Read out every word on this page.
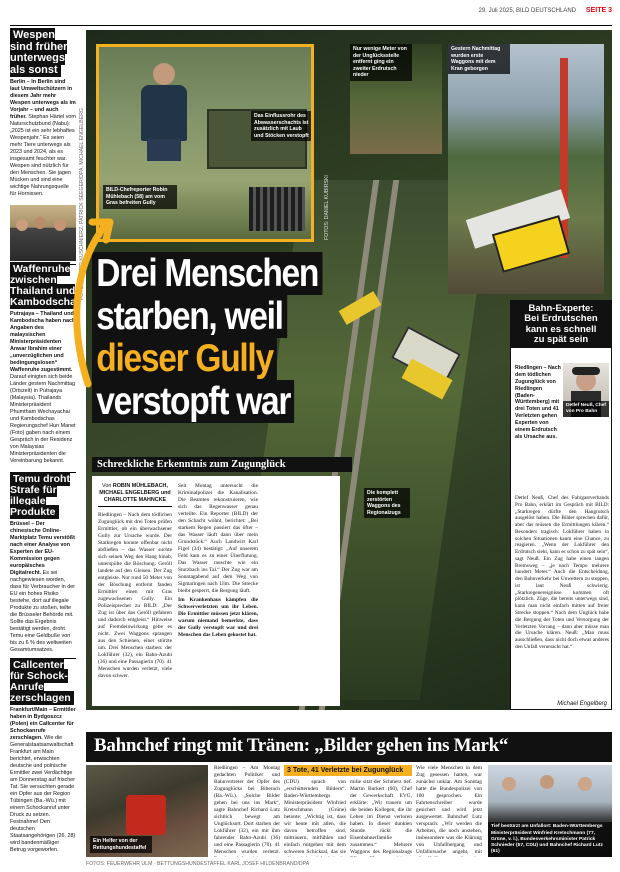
29. Juli 2025, BILD DEUTSCHLAND SEITE 3
Wespen sind früher unterwegs als sonst
Berlin – In Berlin sind laut Umweltschützern in diesem Jahr mehr Wespen unterwegs als im Vorjahr – und auch früher. Stephan Härtel vom Naturschutzbund (Nabu): „2025 ist ein sehr lebhaftes Wespenjahr.“ Es seien mehr Tiere unterwegs als 2023 und 2024, als es insgesamt feuchter war. Wespen sind nützlich für den Menschen. Sie jagen Mücken und sind eine wichtige Nahrungsquelle für Hornissen.
Waffenruhe zwischen Thailand und Kambodscha
Putrajaya – Thailand und Kambodscha haben nach Angaben des malaysischen Ministerpräsidenten Anwar Ibrahim einer „unverzüglichen und bedingungslosen“ Waffenruhe zugestimmt. Darauf einigten sich beide Länder gestern Nachmittag (Ortszeit) in Putrajaya (Malaysia). Thailands Ministerpräsident Phumtham Wechayachai und Kambodschas Regierungschef Hun Manet (Foto) gaben nach einem Gespräch in der Residenz von Malaysias Ministerpräsidenten die Vereinbarung bekannt.
Temu droht Strafe für illegale Produkte
Brüssel – Der chinesische Online-Marktplatz Temu verstößt nach einer Analyse von Experten der EU-Kommission gegen europäisches Digitalrecht. Es sei nachgewiesen worden, dass für Verbraucher in der EU ein hohes Risiko bestehe, dort auf illegale Produkte zu stoßen, teilte die Brüsseler Behörde mit. Sollte das Ergebnis bestätigt werden, droht Temu eine Geldbuße von bis zu 6 % des weltweiten Gesamtumsatzes.
Callcenter für Schock-Anrufe zerschlagen
Frankfurt/Main – Ermittler haben in Bydgoszcz (Polen) ein Callcenter für Schockanrufe zerschlagen. Wie die Generalstaatsanwaltschaft Frankfurt am Main berichtet, erwischten deutsche und polnische Ermittler zwei Verdächtige am Donnerstag auf frischer Tat. Sie versuchten gerade ein Opfer aus der Region Tübingen (Ba.-Wü.) mit einem Schockanruf unter Druck zu setzen. Festnahme! Den deutschen Staatsangehörigen (26, 28) wird bandenmäßiger Betrug vorgeworfen.
FOTOS: PETER KUSCHNIERZ, PATRICK SEEGER/DPA, MICHAEL ENGELBERG	BILD-Chefreporter Robin Mühlebach (58) am vom Gras befreiten Gully
Das Einflussrohr des Abwasserschachts ist zusätzlich mit Laub und Stöcken verstopft
FOTOS: DANIEL KUBIRSKI
Nur wenige Meter von der Unglücksstelle entfernt ging ein zweiter Erdrutsch nieder
Gestern Nachmittag wurden erste Waggons mit dem Kran geborgen
Drei Menschen
starben, weil
dieser Gully
verstopft war
Schreckliche Erkenntnis zum Zugunglück
Von ROBIN MÜHLEBACH, MICHAEL ENGELBERG und CHARLOTTE MAHNCKE
Riedlingen – Nach dem tödlichen Zugunglück mit drei Toten prüfen Ermittler, ob ein überwachsener Gully zur Ursache wurde. Der Starkregen konnte offenbar nicht abfließen – das Wasser suchte sich seinen Weg den Hang hinab, unterspülte die Böschung. Geröll landete auf den Gleisen. Der Zug entgleiste. Nur rund 50 Meter von der Böschung entfernt fanden Ermittler einen mit Gras zugewachsenen Gully. Ein Polizeisprecher zu BILD: „Der Zug ist über das Geröll gefahren und dadurch entgleist.“ Hinweise auf Fremdeinwirkung gebe es nicht. Zwei Waggons sprangen aus den Schienen, einer stürzte um. Drei Menschen starben: der Lokführer (32), ein Bahn-Azubi (36) und eine Passagierin (70). 41 Menschen wurden verletzt, viele davon schwer.
Seit Montag untersucht die Kriminalpolizei die Kanalisation. Die Beamten rekonstruieren, wie sich das Regenwasser genau verteilte. Ein Reporter (BILD) der den Schacht wohnt, berichtet: „Bei starkem Regen passiert das öfter – das Wasser läuft dann über mein Grundstück.“ Auch Landwirt Karl Figel (34) bestätigt: „Auf unserem Feld kam es zu einer Überflutung. Das Wasser rauschte wie ein Sturzbach ins Tal.“ Der Zug war am Sonntagabend auf dem Weg von Sigmaringen nach Ulm. Die Strecke bleibt gesperrt, die Bergung läuft.
Im Krankenhaus kämpfen die Schwerverletzten um ihr Leben. Die Ermittler müssen jetzt klären, warum niemand bemerkte, dass der Gully verstopft war und drei Menschen das Leben gekostet hat.
Die komplett zerstörten Waggons des Regionalzugs
Bahn-Experte:
Bei Erdrutschen
kann es schnell
zu spät sein
Detlef Neuß, Chef von Pro Bahn
Riedlingen – Nach dem tödlichen Zugunglück von Riedlingen (Baden-Württemberg) mit drei Toten und 41 Verletzten gehen Experten von einem Erdrutsch als Ursache aus.
Detlef Neuß, Chef des Fahrgastverbands Pro Bahn, erklärt im Gespräch mit BILD: „Starkregen dürfte den Hangrutsch ausgelöst haben. Die Bilder sprechen dafür, aber das müssen die Ermittlungen klären.“ Besonders tragisch: Lokführer haben in solchen Situationen kaum eine Chance, zu reagieren. „Wenn der Lokführer den Erdrutsch sieht, kann es schon zu spät sein“, sagt Neuß. Ein Zug habe einen langen Bremsweg – „je nach Tempo mehrere hundert Meter.“ Auch die Entscheidung, den Bahnverkehr bei Unwettern zu stoppen, ist laut Neuß schwierig. „Starkregenereignisse kommen oft plötzlich. Züge, die bereits unterwegs sind, kann man nicht einfach mitten auf freier Strecke stoppen.“ Nach dem Unglück habe die Bergung der Toten und Versorgung der Verletzten Vorrang – dann aber müsse man die Ursache klären. Neuß: „Man muss ausschließen, dass nicht doch etwas anderes den Unfall verursacht hat.“
Michael Engelberg
Bahnchef ringt mit Tränen: „Bilder gehen ins Mark“
Ein Helfer von der Rettungshundestaffel
3 Tote, 41 Verletzte bei Zugunglück
Riedlingen – Am Montag gedachten Politiker und Bahnvertreter der Opfer des Zugunglücks bei Biberach (Ba.-Wü.). „Solche Bilder gehen bei uns ins Mark“, sagte Bahnchef Richard Lutz sichtlich bewegt am Unglücksort. Dort starben der Lokführer (32), ein mit ihm fahrender Bahn-Azubi (36) und eine Passagierin (70). 41 Menschen wurden verletzt.
(CDU) sprach von „erschütternden Bildern“. Baden-Württembergs Ministerpräsident Winfried Kretschmann (Grüne) betonte: „Wichtig ist, dass wir heute mit allen, die davon betroffen sind, mittrauern, mitfühlen und einfach mitgehen mit dem schweren Schicksal, das sie
milie sitzt der Schmerz tief. Martin Burkert (60), Chef der Gewerkschaft EVG, erklärte: „Wir trauern um die beiden Kollegen, die ihr Leben im Dienst verloren haben. In dieser dunklen Stunde rückt die Eisenbahnerfamilie zusammen.“ Mehrere Waggons des Regionalzugs
Wie viele Menschen in dem Zug gesessen hatten, war zunächst unklar. Am Sonntag hatte die Bundespolizei von 100 gesprochen. Ein Fahrtenschreiber wurde gesichert und wird jetzt ausgewertet. Bahnchef Lutz versprach: „Wir werden die Arbeiten, die noch anstehen, insbesondere was die Klärung von Unfallhergang und Unfallursache angeht, mit
Tief bestürzt am Unfallort: Baden-Württembergs Ministerpräsident Winfried Kretschmann (77, Grüne, v. l.), Bundesverkehrsminister Patrick Schnieder (57, CDU) und Bahnchef Richard Lutz (61)
FOTOS: FEUERWEHR ULM · BETTUNGSHUNDESTAFFEL KARL JOSEF HILDENBRAND/DPA
